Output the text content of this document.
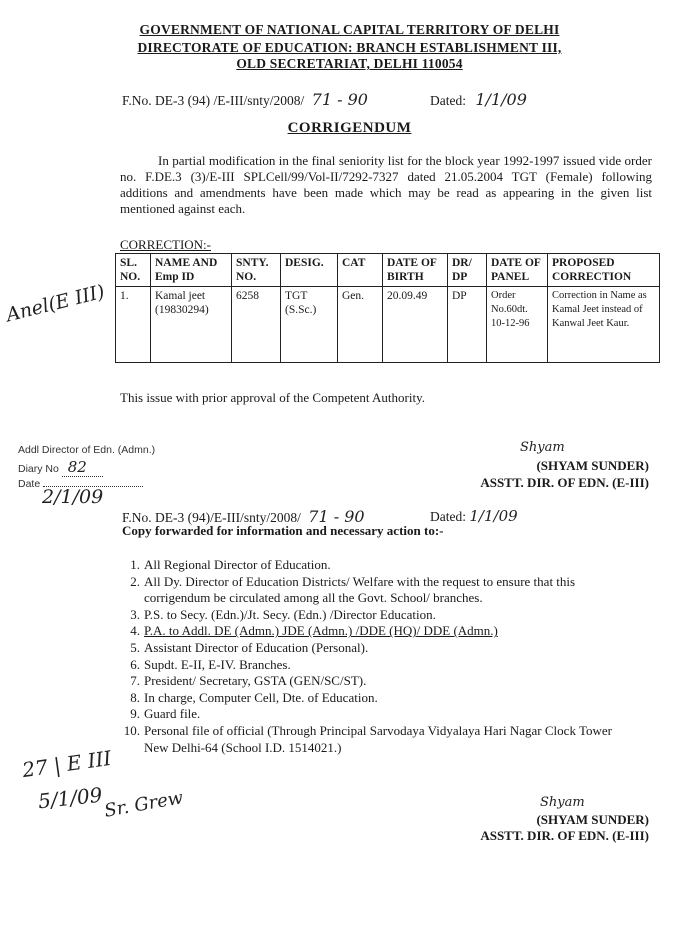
GOVERNMENT OF NATIONAL CAPITAL TERRITORY OF DELHI
DIRECTORATE OF EDUCATION: BRANCH ESTABLISHMENT III,
OLD SECRETARIAT, DELHI 110054
F.No. DE-3 (94) /E-III/snty/2008/ 71 - 90	Dated: 1/1/09
CORRIGENDUM
In partial modification in the final seniority list for the block year 1992-1997 issued vide order no. F.DE.3 (3)/E-III SPLCell/99/Vol-II/7292-7327 dated 21.05.2004 TGT (Female) following additions and amendments have been made which may be read as appearing in the given list mentioned against each.
CORRECTION:-
SL. NO.	NAME AND Emp ID	SNTY. NO.	DESIG.	CAT	DATE OF BIRTH	DR/ DP	DATE OF PANEL	PROPOSED CORRECTION
1.	Kamal jeet (19830294)	6258	TGT (S.Sc.)	Gen.	20.09.49	DP	Order No.60dt. 10-12-96	Correction in Name as Kamal Jeet instead of Kanwal Jeet Kaur.
Anel(E III)
This issue with prior approval of the Competent Authority.
Addl Director of Edn. (Admn.)
Diary No 82
Date
2/1/09
Shyam
(SHYAM SUNDER)
ASSTT. DIR. OF EDN. (E-III)
F.No. DE-3 (94)/E-III/snty/2008/ 71 - 90	Dated: 1/1/09
Copy forwarded for information and necessary action to:-
1. All Regional Director of Education.
2. All Dy. Director of Education Districts/ Welfare with the request to ensure that this corrigendum be circulated among all the Govt. School/ branches.
3. P.S. to Secy. (Edn.)/Jt. Secy. (Edn.) /Director Education.
4. P.A. to Addl. DE (Admn.) JDE (Admn.) /DDE (HQ)/ DDE (Admn.)
5. Assistant Director of Education (Personal).
6. Supdt. E-II, E-IV. Branches.
7. President/ Secretary, GSTA (GEN/SC/ST).
8. In charge, Computer Cell, Dte. of Education.
9. Guard file.
10. Personal file of official (Through Principal Sarvodaya Vidyalaya Hari Nagar Clock Tower New Delhi-64 (School I.D. 1514021.)
27 | E III
5/1/09 Sr. Grew	Shyam
(SHYAM SUNDER)
ASSTT. DIR. OF EDN. (E-III)
